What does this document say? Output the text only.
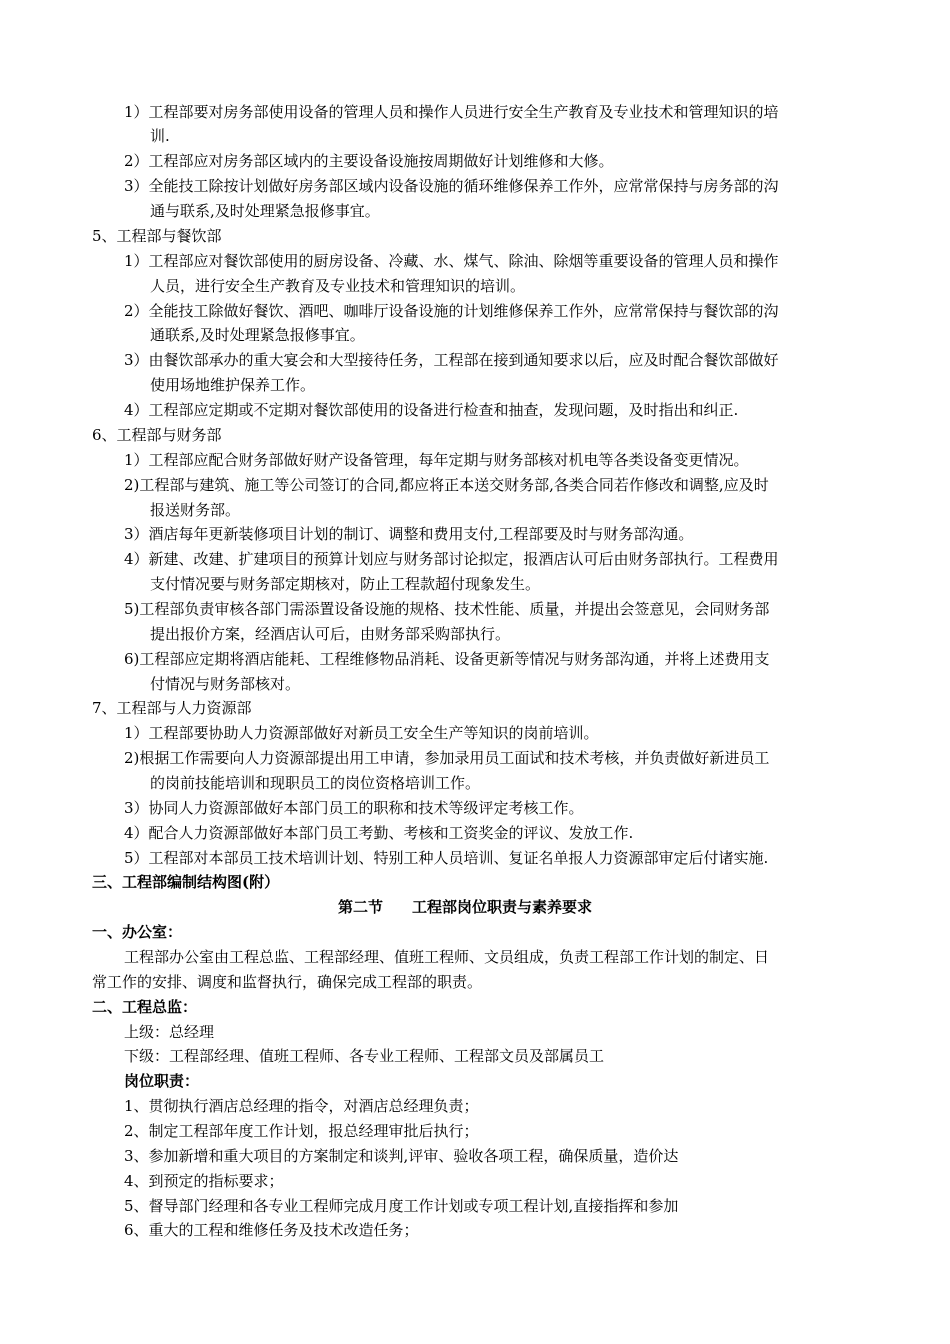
1）工程部要对房务部使用设备的管理人员和操作人员进行安全生产教育及专业技术和管理知识的培
训.
2）工程部应对房务部区域内的主要设备设施按周期做好计划维修和大修。
3）全能技工除按计划做好房务部区域内设备设施的循环维修保养工作外，应常常保持与房务部的沟
通与联系,及时处理紧急报修事宜。
5、工程部与餐饮部
1）工程部应对餐饮部使用的厨房设备、冷藏、水、煤气、除油、除烟等重要设备的管理人员和操作
人员，进行安全生产教育及专业技术和管理知识的培训。
2）全能技工除做好餐饮、酒吧、咖啡厅设备设施的计划维修保养工作外，应常常保持与餐饮部的沟
通联系,及时处理紧急报修事宜。
3）由餐饮部承办的重大宴会和大型接待任务，工程部在接到通知要求以后，应及时配合餐饮部做好
使用场地维护保养工作。
4）工程部应定期或不定期对餐饮部使用的设备进行检查和抽查，发现问题，及时指出和纠正.
6、工程部与财务部
1）工程部应配合财务部做好财产设备管理，每年定期与财务部核对机电等各类设备变更情况。
2)工程部与建筑、施工等公司签订的合同,都应将正本送交财务部,各类合同若作修改和调整,应及时
报送财务部。
3）酒店每年更新装修项目计划的制订、调整和费用支付,工程部要及时与财务部沟通。
4）新建、改建、扩建项目的预算计划应与财务部讨论拟定，报酒店认可后由财务部执行。工程费用
支付情况要与财务部定期核对，防止工程款超付现象发生。
5)工程部负责审核各部门需添置设备设施的规格、技术性能、质量，并提出会签意见，会同财务部
提出报价方案，经酒店认可后，由财务部采购部执行。
6)工程部应定期将酒店能耗、工程维修物品消耗、设备更新等情况与财务部沟通，并将上述费用支
付情况与财务部核对。
7、工程部与人力资源部
1）工程部要协助人力资源部做好对新员工安全生产等知识的岗前培训。
2)根据工作需要向人力资源部提出用工申请，参加录用员工面试和技术考核，并负责做好新进员工
的岗前技能培训和现职员工的岗位资格培训工作。
3）协同人力资源部做好本部门员工的职称和技术等级评定考核工作。
4）配合人力资源部做好本部门员工考勤、考核和工资奖金的评议、发放工作.
5）工程部对本部员工技术培训计划、特别工种人员培训、复证名单报人力资源部审定后付诸实施.
三、工程部编制结构图(附）
第二节 工程部岗位职责与素养要求
一、办公室：
工程部办公室由工程总监、工程部经理、值班工程师、文员组成，负责工程部工作计划的制定、日
常工作的安排、调度和监督执行，确保完成工程部的职责。
二、工程总监：
上级：总经理
下级：工程部经理、值班工程师、各专业工程师、工程部文员及部属员工
岗位职责：
1、贯彻执行酒店总经理的指令，对酒店总经理负责；
2、制定工程部年度工作计划，报总经理审批后执行；
3、参加新增和重大项目的方案制定和谈判,评审、验收各项工程，确保质量，造价达
4、到预定的指标要求；
5、督导部门经理和各专业工程师完成月度工作计划或专项工程计划,直接指挥和参加
6、重大的工程和维修任务及技术改造任务；
